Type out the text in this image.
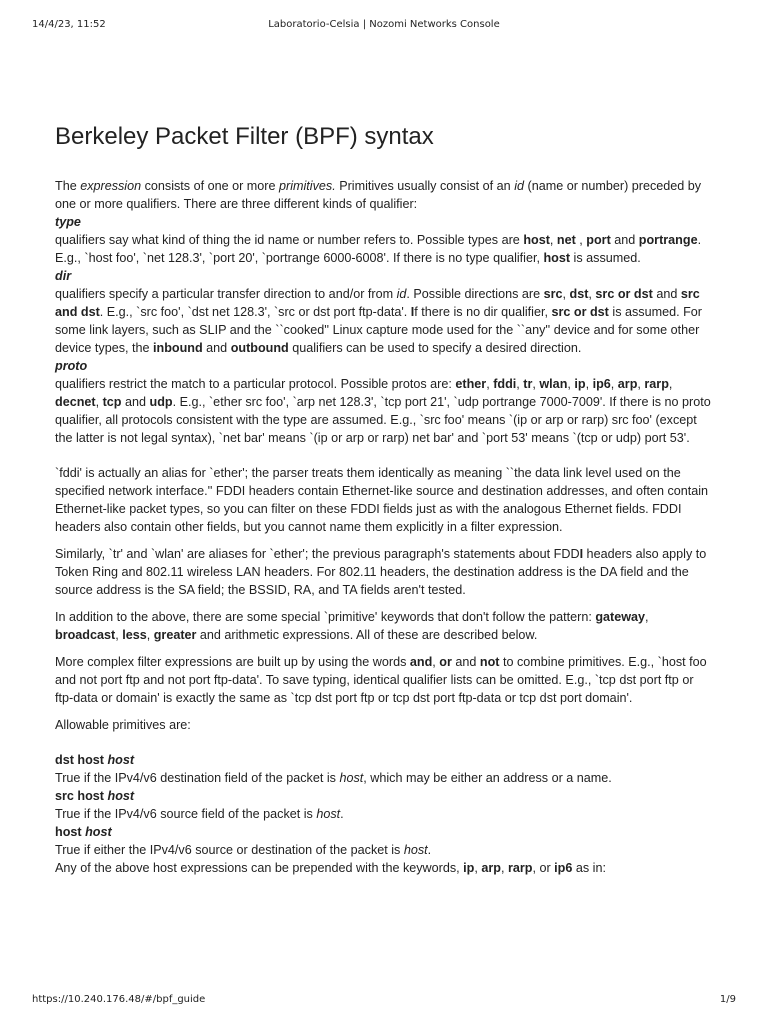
14/4/23, 11:52	Laboratorio-Celsia | Nozomi Networks Console
Berkeley Packet Filter (BPF) syntax

The expression consists of one or more primitives. Primitives usually consist of an id (name or number) preceded by one or more qualifiers. There are three different kinds of qualifier:

type

qualifiers say what kind of thing the id name or number refers to. Possible types are host, net , port and portrange. E.g., `host foo', `net 128.3', `port 20', `portrange 6000-6008'. If there is no type qualifier, host is assumed.

dir

qualifiers specify a particular transfer direction to and/or from id. Possible directions are src, dst, src or dst and src and dst. E.g., `src foo', `dst net 128.3', `src or dst port ftp-data'. If there is no dir qualifier, src or dst is assumed. For some link layers, such as SLIP and the ``cooked'' Linux capture mode used for the ``any'' device and for some other device types, the inbound and outbound qualifiers can be used to specify a desired direction.

proto

qualifiers restrict the match to a particular protocol. Possible protos are: ether, fddi, tr, wlan, ip, ip6, arp, rarp, decnet, tcp and udp. E.g., `ether src foo', `arp net 128.3', `tcp port 21', `udp portrange 7000-7009'. If there is no proto qualifier, all protocols consistent with the type are assumed. E.g., `src foo' means `(ip or arp or rarp) src foo' (except the latter is not legal syntax), `net bar' means `(ip or arp or rarp) net bar' and `port 53' means `(tcp or udp) port 53'.

`fddi' is actually an alias for `ether'; the parser treats them identically as meaning ``the data link level used on the specified network interface.'' FDDI headers contain Ethernet-like source and destination addresses, and often contain Ethernet-like packet types, so you can filter on these FDDI fields just as with the analogous Ethernet fields. FDDI headers also contain other fields, but you cannot name them explicitly in a filter expression.

Similarly, `tr' and `wlan' are aliases for `ether'; the previous paragraph's statements about FDDI headers also apply to Token Ring and 802.11 wireless LAN headers. For 802.11 headers, the destination address is the DA field and the source address is the SA field; the BSSID, RA, and TA fields aren't tested.

In addition to the above, there are some special `primitive' keywords that don't follow the pattern: gateway, broadcast, less, greater and arithmetic expressions. All of these are described below.

More complex filter expressions are built up by using the words and, or and not to combine primitives. E.g., `host foo and not port ftp and not port ftp-data'. To save typing, identical qualifier lists can be omitted. E.g., `tcp dst port ftp or ftp-data or domain' is exactly the same as `tcp dst port ftp or tcp dst port ftp-data or tcp dst port domain'.

Allowable primitives are:

dst host host

True if the IPv4/v6 destination field of the packet is host, which may be either an address or a name.

src host host

True if the IPv4/v6 source field of the packet is host.

host host

True if either the IPv4/v6 source or destination of the packet is host.

Any of the above host expressions can be prepended with the keywords, ip, arp, rarp, or ip6 as in:

https://10.240.176.48/#/bpf_guide	1/9
